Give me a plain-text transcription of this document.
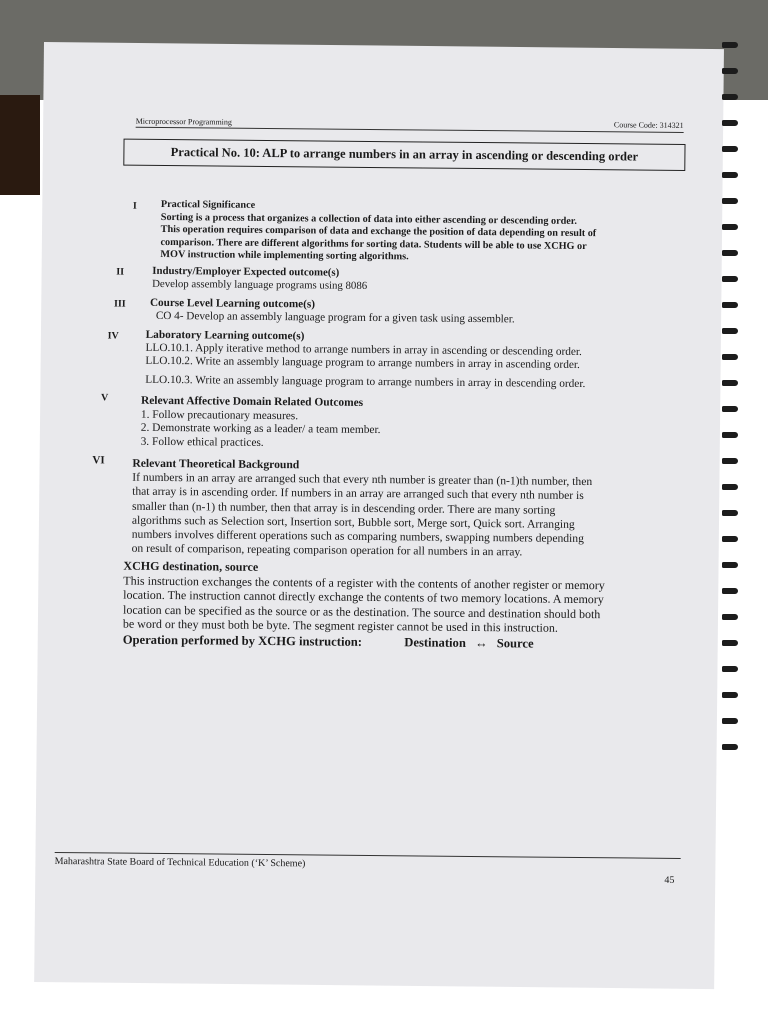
Microprocessor Programming	Course Code: 314321
Practical No. 10: ALP to arrange numbers in an array in ascending or descending order
I Practical Significance
Sorting is a process that organizes a collection of data into either ascending or descending order.
This operation requires comparison of data and exchange the position of data depending on result of
comparison. There are different algorithms for sorting data. Students will be able to use XCHG or
MOV instruction while implementing sorting algorithms.
II	Industry/Employer Expected outcome(s)
Develop assembly language programs using 8086
III Course Level Learning outcome(s)
CO 4- Develop an assembly language program for a given task using assembler.
IV Laboratory Learning outcome(s)
LLO.10.1. Apply iterative method to arrange numbers in array in ascending or descending order.
LLO.10.2. Write an assembly language program to arrange numbers in array in ascending order.
LLO.10.3. Write an assembly language program to arrange numbers in array in descending order.
V	Relevant Affective Domain Related Outcomes
1. Follow precautionary measures.
2. Demonstrate working as a leader/ a team member.
3. Follow ethical practices.
VI Relevant Theoretical Background
If numbers in an array are arranged such that every nth number is greater than (n-1)th number, then
that array is in ascending order. If numbers in an array are arranged such that every nth number is
smaller than (n-1) th number, then that array is in descending order. There are many sorting
algorithms such as Selection sort, Insertion sort, Bubble sort, Merge sort, Quick sort. Arranging
numbers involves different operations such as comparing numbers, swapping numbers depending
on result of comparison, repeating comparison operation for all numbers in an array.
XCHG destination, source
This instruction exchanges the contents of a register with the contents of another register or memory
location. The instruction cannot directly exchange the contents of two memory locations. A memory
location can be specified as the source or as the destination. The source and destination should both
be word or they must both be byte. The segment register cannot be used in this instruction.
Operation performed by XCHG instruction:	Destination ↔ Source
Maharashtra State Board of Technical Education (‘K’ Scheme)
45
